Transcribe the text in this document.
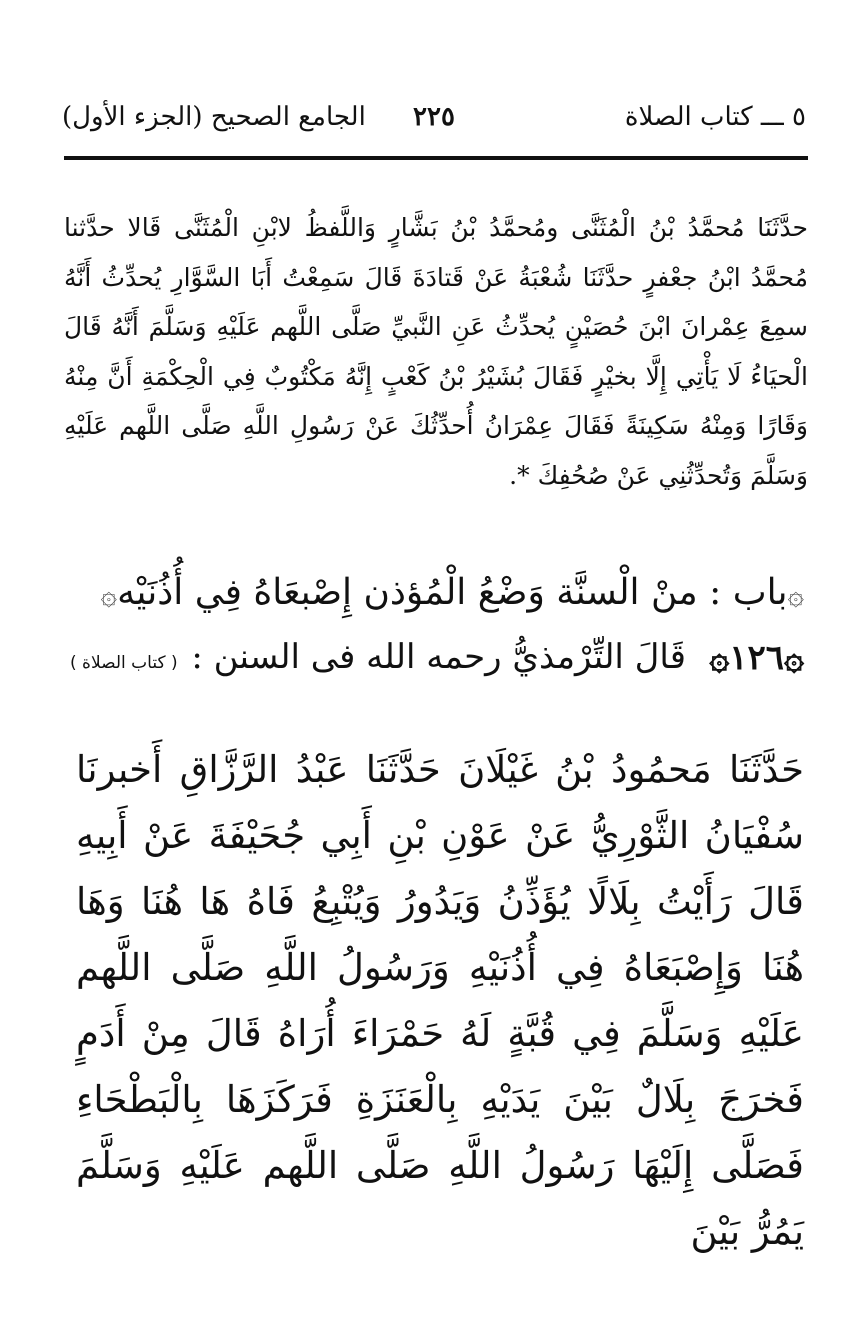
٥ ـــ كتاب الصلاة
٢٢٥
الجامع الصحيح (الجزء الأول)

حدَّثَنَا مُحمَّدُ بْنُ الْمُثَنَّى ومُحمَّدُ بْنُ بَشَّارٍ وَاللَّفظُ لابْنِ الْمُثَنَّى قَالا حدَّثنا مُحمَّدُ ابْنُ جعْفرٍ حدَّثَنَا شُعْبَةُ عَنْ قَتادَةَ قَالَ سَمِعْتُ أَبَا السَّوَّارِ يُحدِّثُ أَنَّهُ سمِعَ عِمْرانَ ابْنَ حُصَيْنٍ يُحدِّثُ عَنِ النَّبيِّ صَلَّى اللَّهم عَلَيْهِ وَسَلَّمَ أَنَّهُ قَالَ الْحيَاءُ لَا يَأْتِي إِلَّا بخيْرٍ فَقَالَ بُشَيْرُ بْنُ كَعْبٍ إِنَّهُ مَكْتُوبٌ فِي الْحِكْمَةِ أَنَّ مِنْهُ وَقَارًا وَمِنْهُ سَكِينَةً فَقَالَ عِمْرَانُ أُحدِّثُكَ عَنْ رَسُولِ اللَّهِ صَلَّى اللَّهم عَلَيْهِ وَسَلَّمَ وَتُحدِّثُنِي عَنْ صُحُفِكَ *.

۞باب : منْ الْسنَّة وَضْعُ الْمُؤذن إِصْبعَاهُ فِي أُذُنَيْه۞
۞١٢٦۞
قَالَ التِّرْمذيُّ رحمه الله فى السنن :
( كتاب الصلاة )

حَدَّثَنَا مَحمُودُ بْنُ غَيْلَانَ حَدَّثَنَا عَبْدُ الرَّزَّاقِ أَخبرنَا سُفْيَانُ الثَّوْرِيُّ عَنْ عَوْنِ بْنِ أَبِي جُحَيْفَةَ عَنْ أَبِيهِ قَالَ رَأَيْتُ بِلَالًا يُؤَذِّنُ وَيَدُورُ وَيُتْبِعُ فَاهُ هَا هُنَا وَهَا هُنَا وَإِصْبَعَاهُ فِي أُذُنَيْهِ وَرَسُولُ اللَّهِ صَلَّى اللَّهم عَلَيْهِ وَسَلَّمَ فِي قُبَّةٍ لَهُ حَمْرَاءَ أُرَاهُ قَالَ مِنْ أَدَمٍ فَخرَجَ بِلَالٌ بَيْنَ يَدَيْهِ بِالْعَنَزَةِ فَرَكَزَهَا بِالْبَطْحَاءِ فَصَلَّى إِلَيْهَا رَسُولُ اللَّهِ صَلَّى اللَّهم عَلَيْهِ وَسَلَّمَ يَمُرُّ بَيْنَ
